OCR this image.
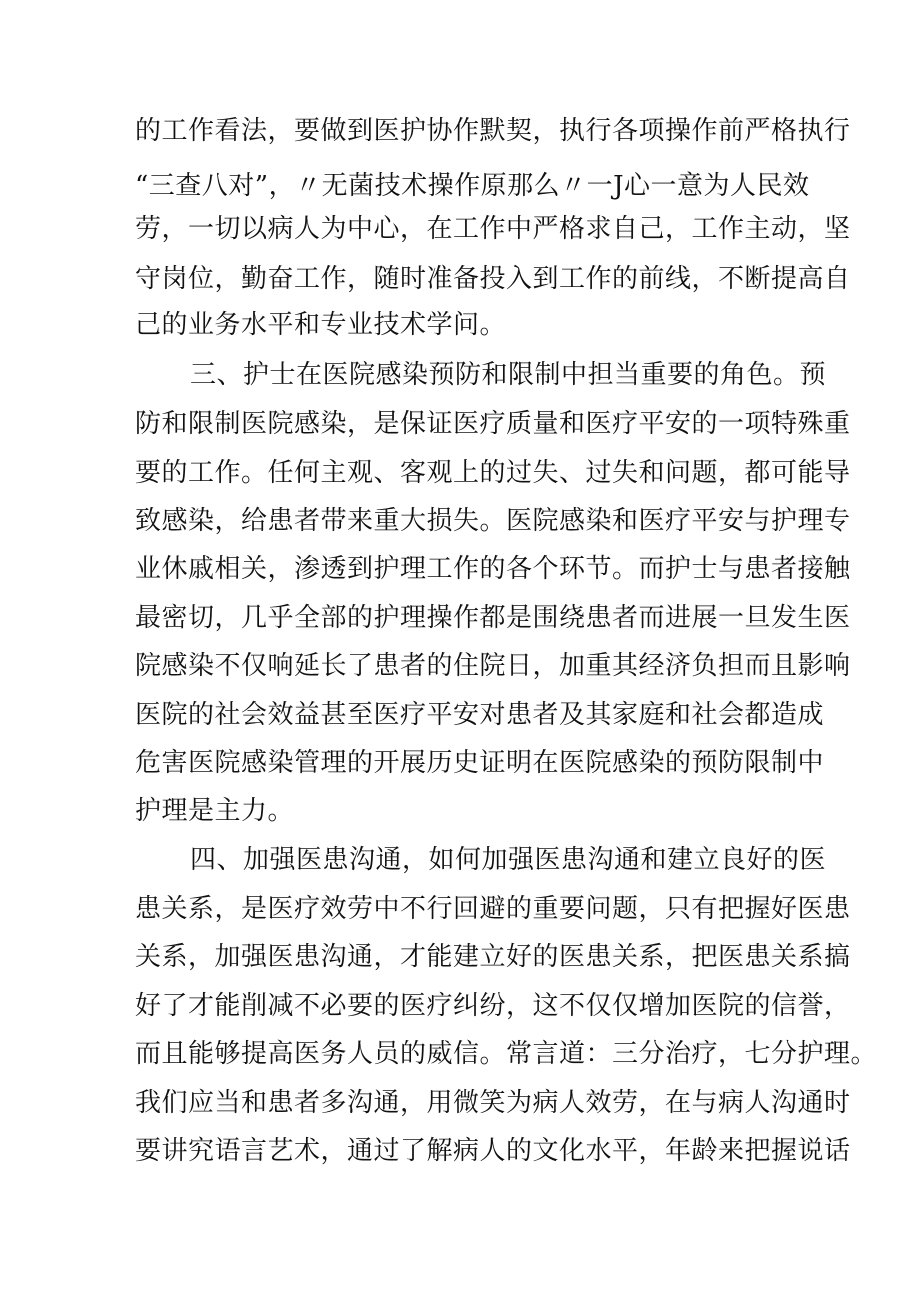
的工作看法，要做到医护协作默契，执行各项操作前严格执行
“三查八对”，〃无菌技术操作原那么〃一J心一意为人民效
劳，一切以病人为中心，在工作中严格求自己，工作主动，坚
守岗位，勤奋工作，随时准备投入到工作的前线，不断提高自
己的业务水平和专业技术学问。
三、护士在医院感染预防和限制中担当重要的角色。预
防和限制医院感染，是保证医疗质量和医疗平安的一项特殊重
要的工作。任何主观、客观上的过失、过失和问题，都可能导
致感染，给患者带来重大损失。医院感染和医疗平安与护理专
业休戚相关，渗透到护理工作的各个环节。而护士与患者接触
最密切，几乎全部的护理操作都是围绕患者而进展一旦发生医
院感染不仅响延长了患者的住院日，加重其经济负担而且影响
医院的社会效益甚至医疗平安对患者及其家庭和社会都造成
危害医院感染管理的开展历史证明在医院感染的预防限制中
护理是主力。
四、加强医患沟通，如何加强医患沟通和建立良好的医
患关系，是医疗效劳中不行回避的重要问题，只有把握好医患
关系，加强医患沟通，才能建立好的医患关系，把医患关系搞
好了才能削减不必要的医疗纠纷，这不仅仅增加医院的信誉，
而且能够提高医务人员的威信。常言道：三分治疗，七分护理。
我们应当和患者多沟通，用微笑为病人效劳，在与病人沟通时
要讲究语言艺术，通过了解病人的文化水平，年龄来把握说话
